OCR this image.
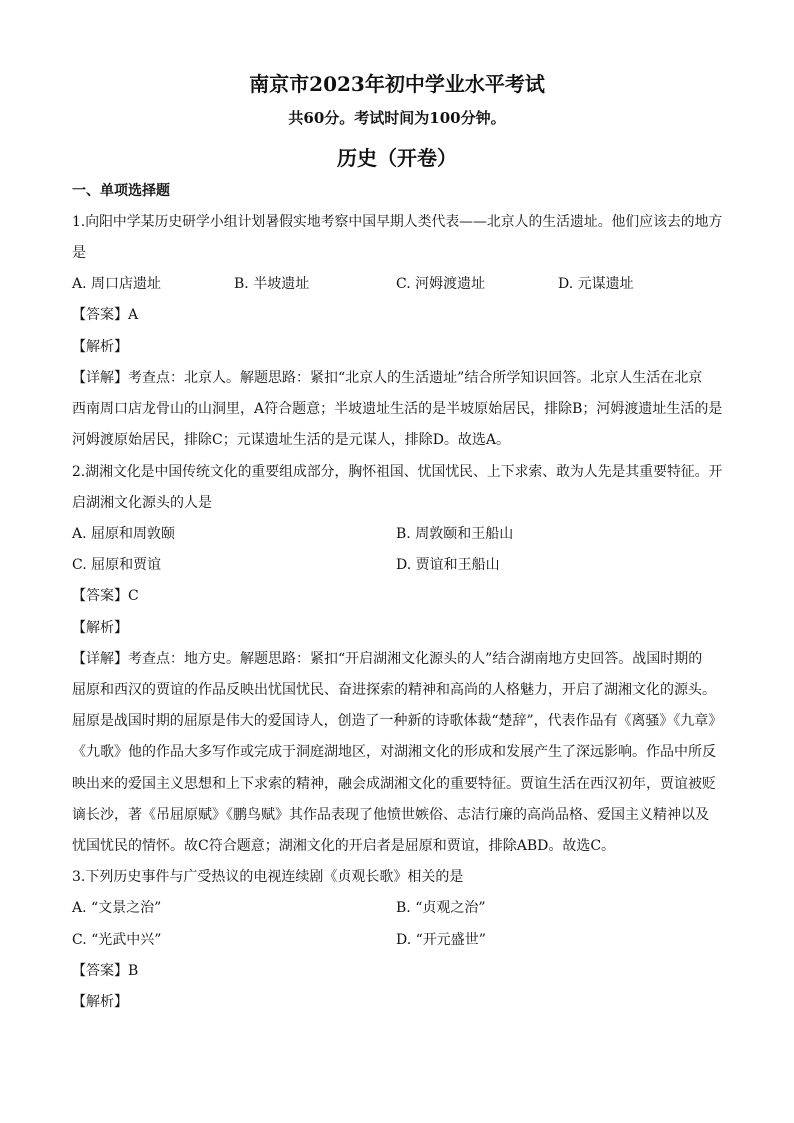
南京市2023年初中学业水平考试
共60分。考试时间为100分钟。
历史（开卷）
一、单项选择题
1.向阳中学某历史研学小组计划暑假实地考察中国早期人类代表——北京人的生活遗址。他们应该去的地方
是
A. 周口店遗址	B. 半坡遗址	C. 河姆渡遗址	D. 元谋遗址
【答案】A
【解析】
【详解】考查点：北京人。解题思路：紧扣“北京人的生活遗址”结合所学知识回答。北京人生活在北京
西南周口店龙骨山的山洞里，A符合题意；半坡遗址生活的是半坡原始居民，排除B；河姆渡遗址生活的是
河姆渡原始居民，排除C；元谋遗址生活的是元谋人，排除D。故选A。
2.湖湘文化是中国传统文化的重要组成部分，胸怀祖国、忧国忧民、上下求索、敢为人先是其重要特征。开
启湖湘文化源头的人是
A. 屈原和周敦颐	B. 周敦颐和王船山
C. 屈原和贾谊	D. 贾谊和王船山
【答案】C
【解析】
【详解】考查点：地方史。解题思路：紧扣“开启湖湘文化源头的人”结合湖南地方史回答。战国时期的
屈原和西汉的贾谊的作品反映出忧国忧民、奋进探索的精神和高尚的人格魅力，开启了湖湘文化的源头。
屈原是战国时期的屈原是伟大的爱国诗人，创造了一种新的诗歌体裁“楚辞”，代表作品有《离骚》《九章》
《九歌》他的作品大多写作或完成于洞庭湖地区，对湖湘文化的形成和发展产生了深远影响。作品中所反
映出来的爱国主义思想和上下求索的精神，融会成湖湘文化的重要特征。贾谊生活在西汉初年，贾谊被贬
谪长沙，著《吊屈原赋》《鹏鸟赋》其作品表现了他愤世嫉俗、志洁行廉的高尚品格、爱国主义精神以及
忧国忧民的情怀。故C符合题意；湖湘文化的开启者是屈原和贾谊，排除ABD。故选C。
3.下列历史事件与广受热议的电视连续剧《贞观长歌》相关的是
A. “文景之治”	B. “贞观之治”
C. “光武中兴”	D. “开元盛世”
【答案】B
【解析】
